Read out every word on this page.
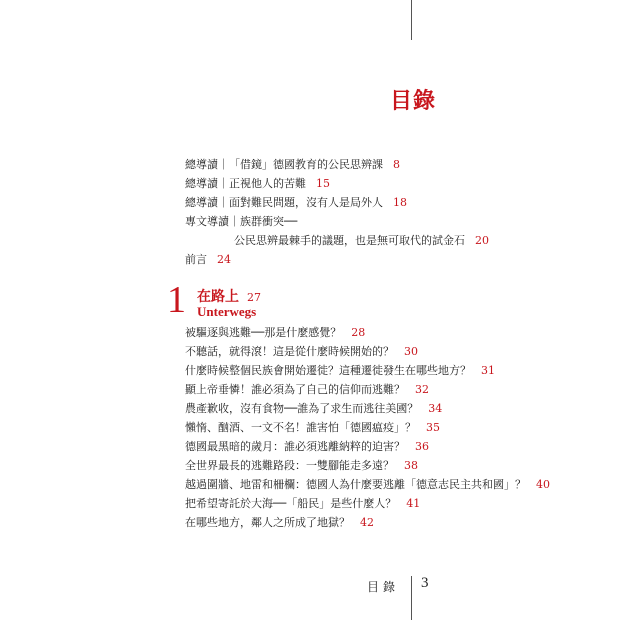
目錄
總導讀｜「借鏡」德國教育的公民思辨課 8
總導讀｜正視他人的苦難 15
總導讀｜面對難民問題，沒有人是局外人 18
專文導讀｜族群衝突──
公民思辨最棘手的議題，也是無可取代的試金石 20
前言 24
1 在路上 27
Unterwegs
被驅逐與逃難──那是什麼感覺？ 28
不聽話，就得滾！這是從什麼時候開始的？ 30
什麼時候整個民族會開始遷徙？這種遷徙發生在哪些地方？ 31
顯上帝垂憐！誰必須為了自己的信仰而逃難？ 32
農產歉收，沒有食物──誰為了求生而逃往美國？ 34
懶惰、酗酒、一文不名！誰害怕「德國瘟疫」？ 35
德國最黑暗的歲月：誰必須逃離納粹的迫害？ 36
全世界最長的逃難路段：一雙腳能走多遠？ 38
越過圍牆、地雷和柵欄：德國人為什麼要逃離「德意志民主共和國」？ 40
把希望寄託於大海──「船民」是些什麼人？ 41
在哪些地方，鄰人之所成了地獄？ 42
目錄 3
